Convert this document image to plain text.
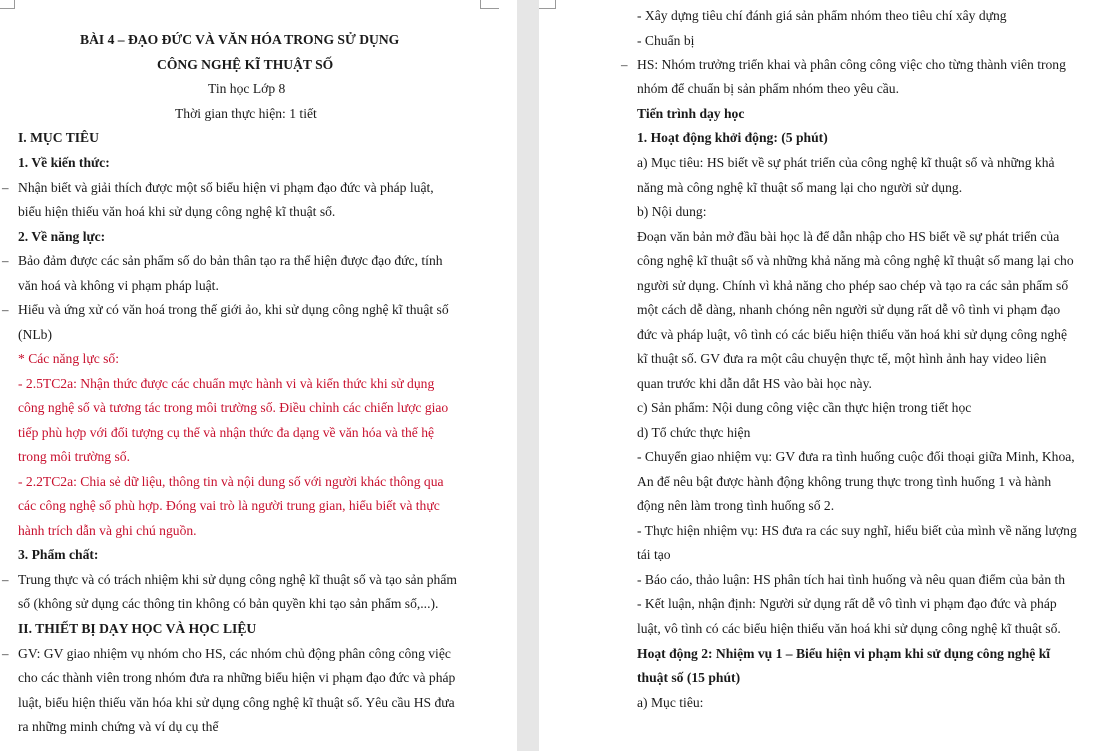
BÀI 4 – ĐẠO ĐỨC VÀ VĂN HÓA TRONG SỬ DỤNG
CÔNG NGHỆ KĨ THUẬT SỐ
Tin học Lớp 8
Thời gian thực hiện: 1 tiết
I. MỤC TIÊU
1. Về kiến thức:
– Nhận biết và giải thích được một số biểu hiện vi phạm đạo đức và pháp luật,
biểu hiện thiếu văn hoá khi sử dụng công nghệ kĩ thuật số.
2. Về năng lực:
– Bảo đảm được các sản phẩm số do bản thân tạo ra thể hiện được đạo đức, tính
văn hoá và không vi phạm pháp luật.
– Hiểu và ứng xử có văn hoá trong thế giới ảo, khi sử dụng công nghệ kĩ thuật số
(NLb)
* Các năng lực số:
- 2.5TC2a: Nhận thức được các chuẩn mực hành vi và kiến thức khi sử dụng
công nghệ số và tương tác trong môi trường số. Điều chỉnh các chiến lược giao
tiếp phù hợp với đối tượng cụ thể và nhận thức đa dạng về văn hóa và thế hệ
trong môi trường số.
- 2.2TC2a: Chia sẻ dữ liệu, thông tin và nội dung số với người khác thông qua
các công nghệ số phù hợp. Đóng vai trò là người trung gian, hiểu biết và thực
hành trích dẫn và ghi chú nguồn.
3. Phẩm chất:
– Trung thực và có trách nhiệm khi sử dụng công nghệ kĩ thuật số và tạo sản phẩm
số (không sử dụng các thông tin không có bản quyền khi tạo sản phẩm số,...).
II. THIẾT BỊ DẠY HỌC VÀ HỌC LIỆU
– GV: GV giao nhiệm vụ nhóm cho HS, các nhóm chủ động phân công công việc
cho các thành viên trong nhóm đưa ra những biểu hiện vi phạm đạo đức và pháp
luật, biểu hiện thiếu văn hóa khi sử dụng công nghệ kĩ thuật số. Yêu cầu HS đưa
ra những minh chứng và ví dụ cụ thể
- Xây dựng tiêu chí đánh giá sản phẩm nhóm theo tiêu chí xây dựng
- Chuẩn bị
– HS: Nhóm trưởng triển khai và phân công công việc cho từng thành viên trong
nhóm để chuẩn bị sản phẩm nhóm theo yêu cầu.
Tiến trình dạy học
1. Hoạt động khởi động: (5 phút)
a) Mục tiêu: HS biết về sự phát triển của công nghệ kĩ thuật số và những khả
năng mà công nghệ kĩ thuật số mang lại cho người sử dụng.
b) Nội dung:
Đoạn văn bản mở đầu bài học là để dẫn nhập cho HS biết về sự phát triển của
công nghệ kĩ thuật số và những khả năng mà công nghệ kĩ thuật số mang lại cho
người sử dụng. Chính vì khả năng cho phép sao chép và tạo ra các sản phẩm số
một cách dễ dàng, nhanh chóng nên người sử dụng rất dễ vô tình vi phạm đạo
đức và pháp luật, vô tình có các biểu hiện thiếu văn hoá khi sử dụng công nghệ
kĩ thuật số. GV đưa ra một câu chuyện thực tế, một hình ảnh hay video liên
quan trước khi dẫn dắt HS vào bài học này.
c) Sản phẩm: Nội dung công việc cần thực hiện trong tiết học
d) Tổ chức thực hiện
- Chuyển giao nhiệm vụ: GV đưa ra tình huống cuộc đối thoại giữa Minh, Khoa,
An để nêu bật được hành động không trung thực trong tình huống 1 và hành
động nên làm trong tình huống số 2.
- Thực hiện nhiệm vụ: HS đưa ra các suy nghĩ, hiểu biết của mình về năng lượng
tái tạo
- Báo cáo, thảo luận: HS phân tích hai tình huống và nêu quan điểm của bản th
- Kết luận, nhận định: Người sử dụng rất dễ vô tình vi phạm đạo đức và pháp
luật, vô tình có các biểu hiện thiếu văn hoá khi sử dụng công nghệ kĩ thuật số.
Hoạt động 2: Nhiệm vụ 1 – Biểu hiện vi phạm khi sử dụng công nghệ kĩ
thuật số (15 phút)
a) Mục tiêu:
